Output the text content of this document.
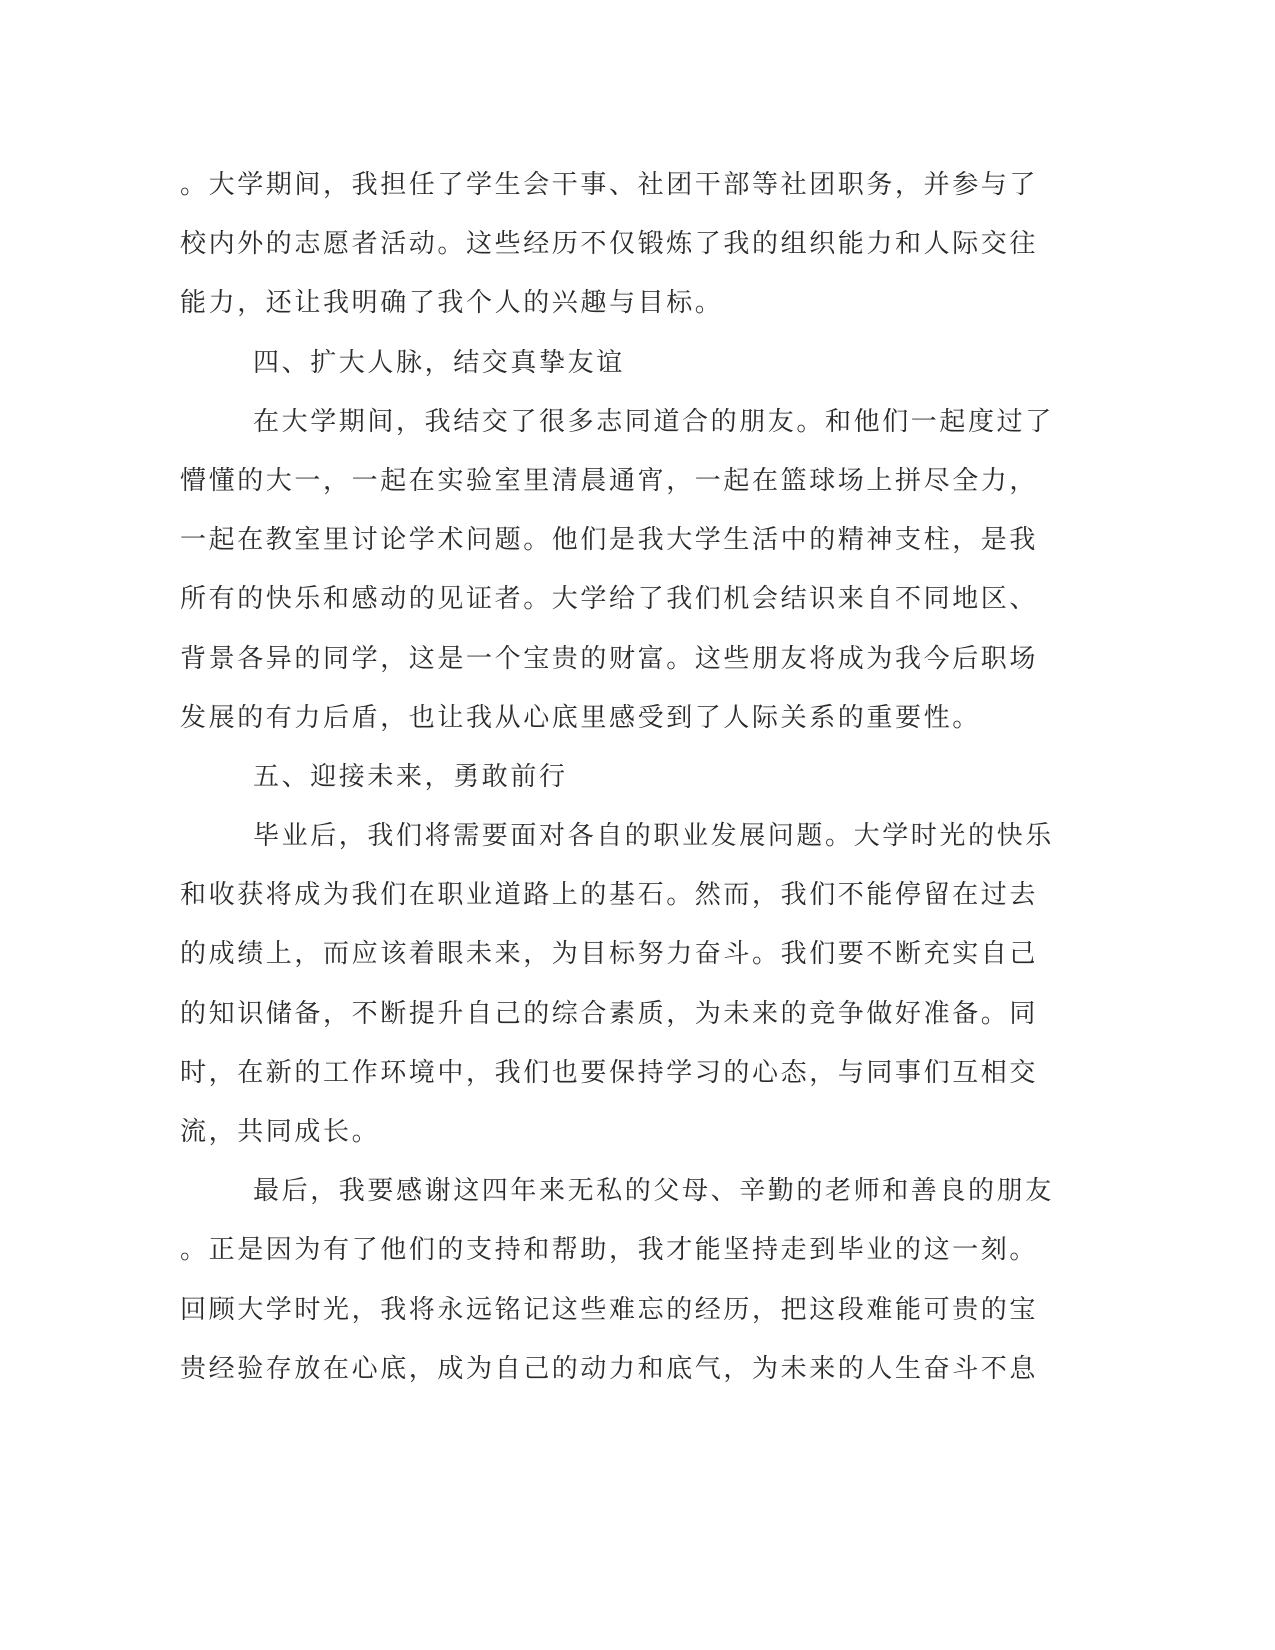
。大学期间，我担任了学生会干事、社团干部等社团职务，并参与了
校内外的志愿者活动。这些经历不仅锻炼了我的组织能力和人际交往
能力，还让我明确了我个人的兴趣与目标。
四、扩大人脉，结交真挚友谊
在大学期间，我结交了很多志同道合的朋友。和他们一起度过了
懵懂的大一，一起在实验室里清晨通宵，一起在篮球场上拼尽全力，
一起在教室里讨论学术问题。他们是我大学生活中的精神支柱，是我
所有的快乐和感动的见证者。大学给了我们机会结识来自不同地区、
背景各异的同学，这是一个宝贵的财富。这些朋友将成为我今后职场
发展的有力后盾，也让我从心底里感受到了人际关系的重要性。
五、迎接未来，勇敢前行
毕业后，我们将需要面对各自的职业发展问题。大学时光的快乐
和收获将成为我们在职业道路上的基石。然而，我们不能停留在过去
的成绩上，而应该着眼未来，为目标努力奋斗。我们要不断充实自己
的知识储备，不断提升自己的综合素质，为未来的竞争做好准备。同
时，在新的工作环境中，我们也要保持学习的心态，与同事们互相交
流，共同成长。
最后，我要感谢这四年来无私的父母、辛勤的老师和善良的朋友
。正是因为有了他们的支持和帮助，我才能坚持走到毕业的这一刻。
回顾大学时光，我将永远铭记这些难忘的经历，把这段难能可贵的宝
贵经验存放在心底，成为自己的动力和底气，为未来的人生奋斗不息
